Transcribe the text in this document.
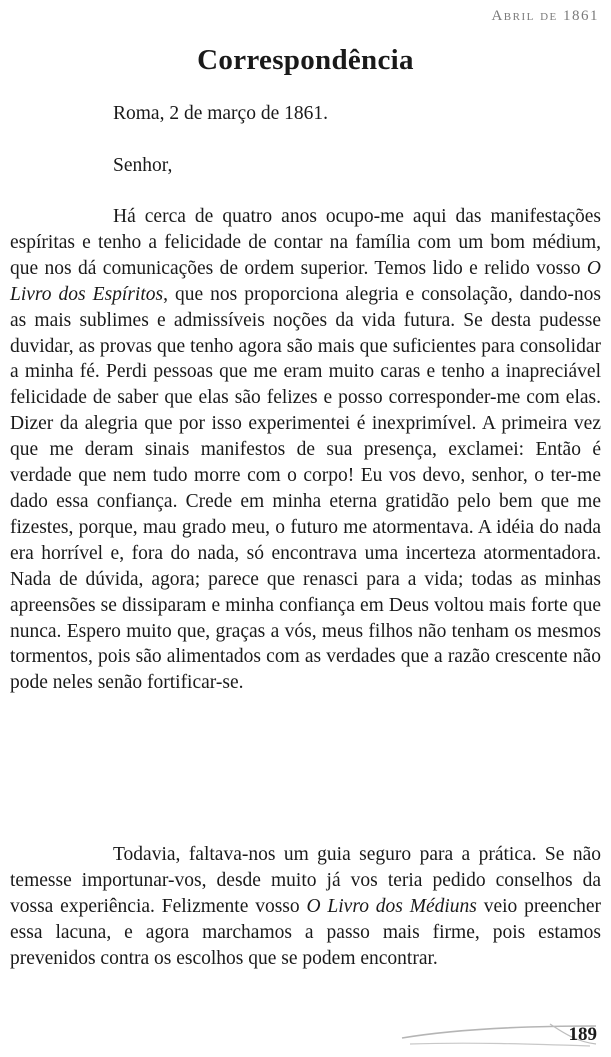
Abril de 1861
Correspondência
Roma, 2 de março de 1861.
Senhor,

Há cerca de quatro anos ocupo-me aqui das manifestações espíritas e tenho a felicidade de contar na família com um bom médium, que nos dá comunicações de ordem superior. Temos lido e relido vosso O Livro dos Espíritos, que nos proporciona alegria e consolação, dando-nos as mais sublimes e admissíveis noções da vida futura. Se desta pudesse duvidar, as provas que tenho agora são mais que suficientes para consolidar a minha fé. Perdi pessoas que me eram muito caras e tenho a inapreciável felicidade de saber que elas são felizes e posso corresponder-me com elas. Dizer da alegria que por isso experimentei é inexprimível. A primeira vez que me deram sinais manifestos de sua presença, exclamei: Então é verdade que nem tudo morre com o corpo! Eu vos devo, senhor, o ter-me dado essa confiança. Crede em minha eterna gratidão pelo bem que me fizestes, porque, mau grado meu, o futuro me atormentava. A idéia do nada era horrível e, fora do nada, só encontrava uma incerteza atormentadora. Nada de dúvida, agora; parece que renasci para a vida; todas as minhas apreensões se dissiparam e minha confiança em Deus voltou mais forte que nunca. Espero muito que, graças a vós, meus filhos não tenham os mesmos tormentos, pois são alimentados com as verdades que a razão crescente não pode neles senão fortificar-se.

Todavia, faltava-nos um guia seguro para a prática. Se não temesse importunar-vos, desde muito já vos teria pedido conselhos da vossa experiência. Felizmente vosso O Livro dos Médiuns veio preencher essa lacuna, e agora marchamos a passo mais firme, pois estamos prevenidos contra os escolhos que se podem encontrar.

189
